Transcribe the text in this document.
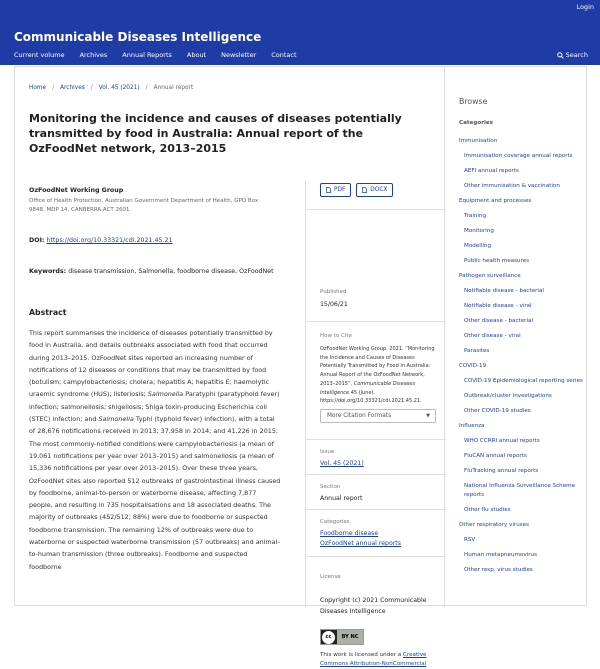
Login
Communicable Diseases Intelligence
Current volume Archives Annual Reports About Newsletter Contact	Search
Home / Archives / Vol. 45 (2021) / Annual report
Monitoring the incidence and causes of diseases potentially transmitted by food in Australia: Annual report of the OzFoodNet network, 2013–2015
OzFoodNet Working Group
Office of Health Protection, Australian Government Department of Health, GPO Box 9848, MDP 14, CANBERRA ACT 2601.
DOI: https://doi.org/10.33321/cdi.2021.45.21
Keywords: disease transmission, Salmonella, foodborne disease, OzFoodNet
Abstract
This report summarises the incidence of diseases potentially transmitted by food in Australia, and details outbreaks associated with food that occurred during 2013–2015. OzFoodNet sites reported an increasing number of notifications of 12 diseases or conditions that may be transmitted by food (botulism; campylobacteriosis; cholera; hepatitis A; hepatitis E; haemolytic uraemic syndrome (HUS); listeriosis; Salmonella Paratyphi (paratyphoid fever) infection; salmonellosis; shigellosis; Shiga toxin-producing Escherichia coli (STEC) infection; and Salmonella Typhi (typhoid fever) infection), with a total of 28,676 notifications received in 2013; 37,958 in 2014; and 41,226 in 2015. The most commonly-notified conditions were campylobacteriosis (a mean of 19,061 notifications per year over 2013–2015) and salmonellosis (a mean of 15,336 notifications per year over 2013–2015). Over these three years, OzFoodNet sites also reported 512 outbreaks of gastrointestinal illness caused by foodborne, animal-to-person or waterborne disease, affecting 7,877 people, and resulting in 735 hospitalisations and 18 associated deaths. The majority of outbreaks (452/512; 88%) were due to foodborne or suspected foodborne transmission. The remaining 12% of outbreaks were due to waterborne or suspected waterborne transmission (57 outbreaks) and animal-to-human transmission (three outbreaks). Foodborne and suspected foodborne
PDF	DOCX
Published
15/06/21
How to Cite
OzFoodNet Working Group. 2021. “Monitoring the Incidence and Causes of Diseases Potentially Transmitted by Food in Australia: Annual Report of the OzFoodNet Network, 2013–2015”. Communicable Diseases Intelligence 45 (June). https://doi.org/10.33321/cdi.2021.45.21.
More Citation Formats	▼
Issue
Vol. 45 (2021)
Section
Annual report
Categories
Foodborne disease
OzFoodNet annual reports
License
Copyright (c) 2021 Communicable Diseases Intelligence
cc	BY NC
This work is licensed under a Creative Commons Attribution-NonCommercial
Browse
Categories
Immunisation
Immunisation coverage annual reports
AEFI annual reports
Other immunisation & vaccination
Equipment and processes
Training
Monitoring
Modelling
Public health measures
Pathogen surveillance
Notifiable disease - bacterial
Notifiable disease - viral
Other disease - bacterial
Other disease - viral
Parasites
COVID-19
COVID-19 Epidemiological reporting series
Outbreak/cluster investigations
Other COVID-19 studies
Influenza
WHO CCRRI annual reports
FluCAN annual reports
FluTracking annual reports
National Influenza Surveillance Scheme reports
Other flu studies
Other respiratory viruses
RSV
Human metapneumovirus
Other resp. virus studies
